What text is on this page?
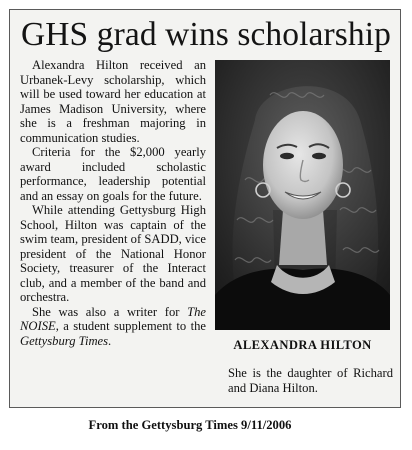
GHS grad wins scholarship

Alexandra Hilton received an Urbanek-Levy scholarship, which will be used toward her education at James Madison University, where she is a freshman majoring in communication studies.

Criteria for the $2,000 yearly award included scholastic performance, leadership potential and an essay on goals for the future.

While attending Gettysburg High School, Hilton was captain of the swim team, president of SADD, vice president of the National Honor Society, treasurer of the Interact club, and a member of the band and orchestra.

She was also a writer for The NOISE, a student supplement to the Gettysburg Times.	ALEXANDRA HILTON

She is the daughter of Richard and Diana Hilton.

From the Gettysburg Times 9/11/2006
